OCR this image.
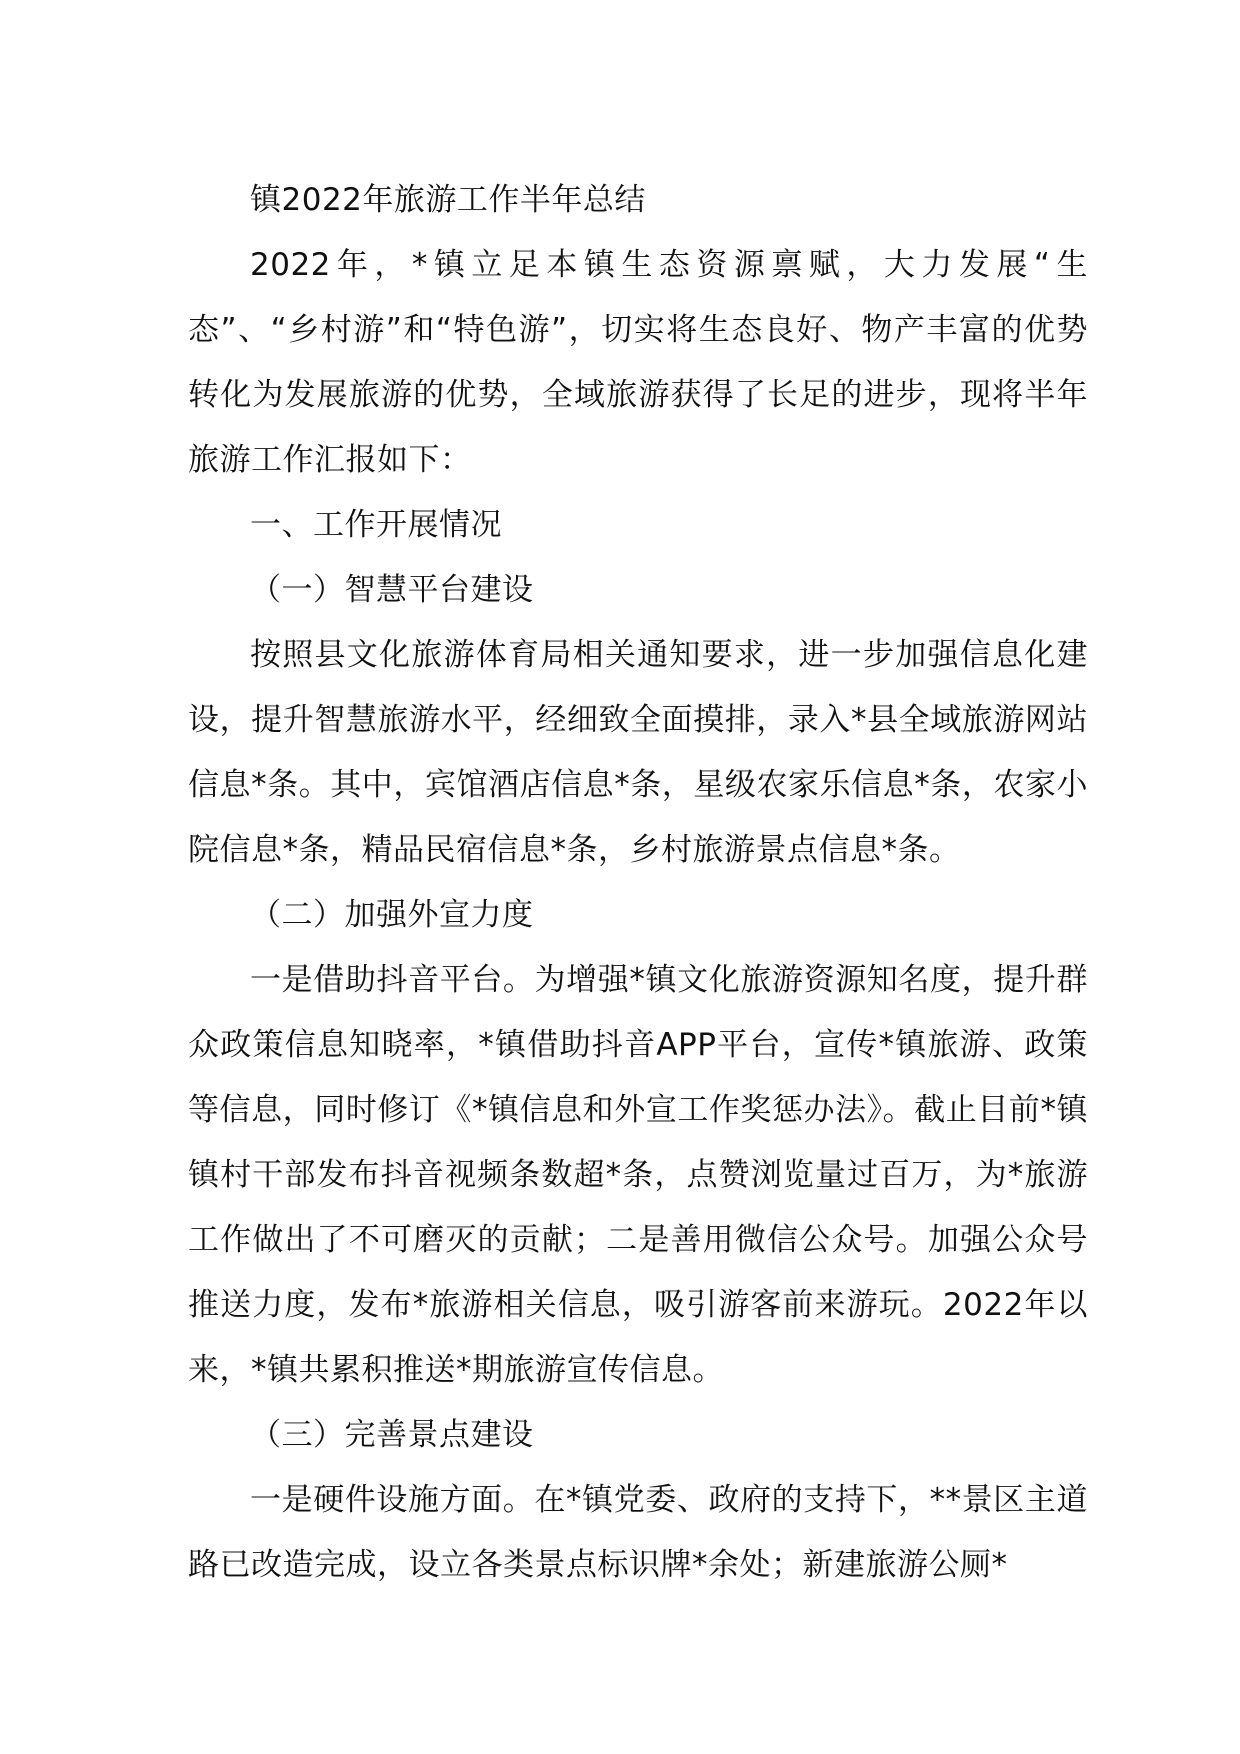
镇2022年旅游工作半年总结

2022年，*镇立足本镇生态资源禀赋，大力发展“生态”、“乡村游”和“特色游”，切实将生态良好、物产丰富的优势转化为发展旅游的优势，全域旅游获得了长足的进步，现将半年旅游工作汇报如下：

一、工作开展情况

（一）智慧平台建设

按照县文化旅游体育局相关通知要求，进一步加强信息化建设，提升智慧旅游水平，经细致全面摸排，录入*县全域旅游网站信息*条。其中，宾馆酒店信息*条，星级农家乐信息*条，农家小院信息*条，精品民宿信息*条，乡村旅游景点信息*条。

（二）加强外宣力度

一是借助抖音平台。为增强*镇文化旅游资源知名度，提升群众政策信息知晓率，*镇借助抖音APP平台，宣传*镇旅游、政策等信息，同时修订《*镇信息和外宣工作奖惩办法》。截止目前*镇镇村干部发布抖音视频条数超*条，点赞浏览量过百万，为*旅游工作做出了不可磨灭的贡献；二是善用微信公众号。加强公众号推送力度，发布*旅游相关信息，吸引游客前来游玩。2022年以来，*镇共累积推送*期旅游宣传信息。

（三）完善景点建设

一是硬件设施方面。在*镇党委、政府的支持下，**景区主道路已改造完成，设立各类景点标识牌*余处；新建旅游公厕*
